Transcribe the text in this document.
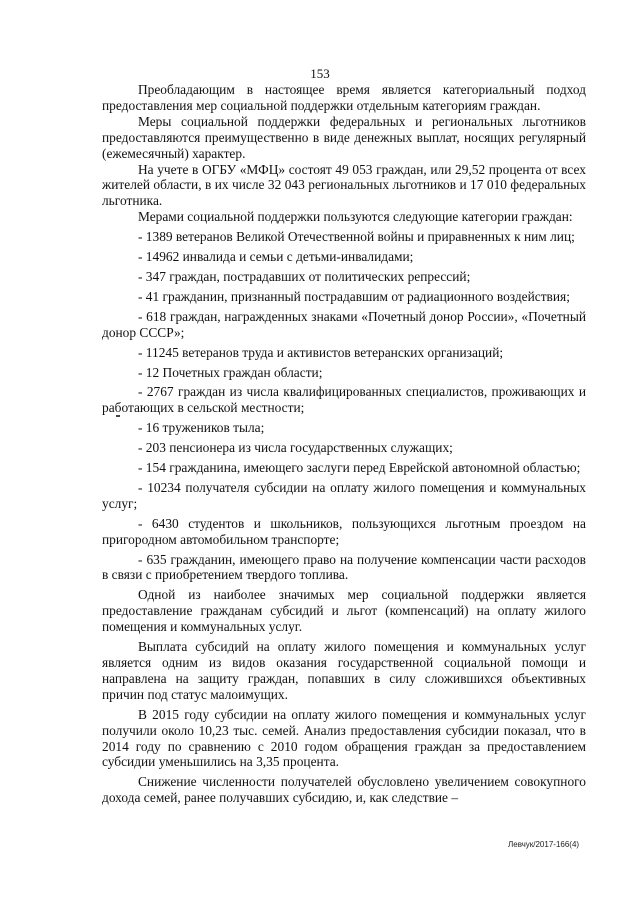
153

Преобладающим в настоящее время является категориальный подход предоставления мер социальной поддержки отдельным категориям граждан.

Меры социальной поддержки федеральных и региональных льготников предоставляются преимущественно в виде денежных выплат, носящих регулярный (ежемесячный) характер.

На учете в ОГБУ «МФЦ» состоят 49 053 граждан, или 29,52 процента от всех жителей области, в их числе 32 043 региональных льготников и 17 010 федеральных льготника.

Мерами социальной поддержки пользуются следующие категории граждан:

- 1389 ветеранов Великой Отечественной войны и приравненных к ним лиц;

- 14962 инвалида и семьи с детьми-инвалидами;

- 347 граждан, пострадавших от политических репрессий;

- 41 гражданин, признанный пострадавшим от радиационного воздействия;

- 618 граждан, награжденных знаками «Почетный донор России», «Почетный донор СССР»;

- 11245 ветеранов труда и активистов ветеранских организаций;

- 12 Почетных граждан области;

- 2767 граждан из числа квалифицированных специалистов, проживающих и работающих в сельской местности;

- 16 тружеников тыла;

- 203 пенсионера из числа государственных служащих;

- 154 гражданина, имеющего заслуги перед Еврейской автономной областью;

- 10234 получателя субсидии на оплату жилого помещения и коммунальных услуг;

- 6430 студентов и школьников, пользующихся льготным проездом на пригородном автомобильном транспорте;

- 635 гражданин, имеющего право на получение компенсации части расходов в связи с приобретением твердого топлива.

Одной из наиболее значимых мер социальной поддержки является предоставление гражданам субсидий и льгот (компенсаций) на оплату жилого помещения и коммунальных услуг.

Выплата субсидий на оплату жилого помещения и коммунальных услуг является одним из видов оказания государственной социальной помощи и направлена на защиту граждан, попавших в силу сложившихся объективных причин под статус малоимущих.

В 2015 году субсидии на оплату жилого помещения и коммунальных услуг получили около 10,23 тыс. семей. Анализ предоставления субсидии показал, что в 2014 году по сравнению с 2010 годом обращения граждан за предоставлением субсидии уменьшились на 3,35 процента.

Снижение численности получателей обусловлено увеличением совокупного дохода семей, ранее получавших субсидию, и, как следствие –

Левчук/2017-166(4)
